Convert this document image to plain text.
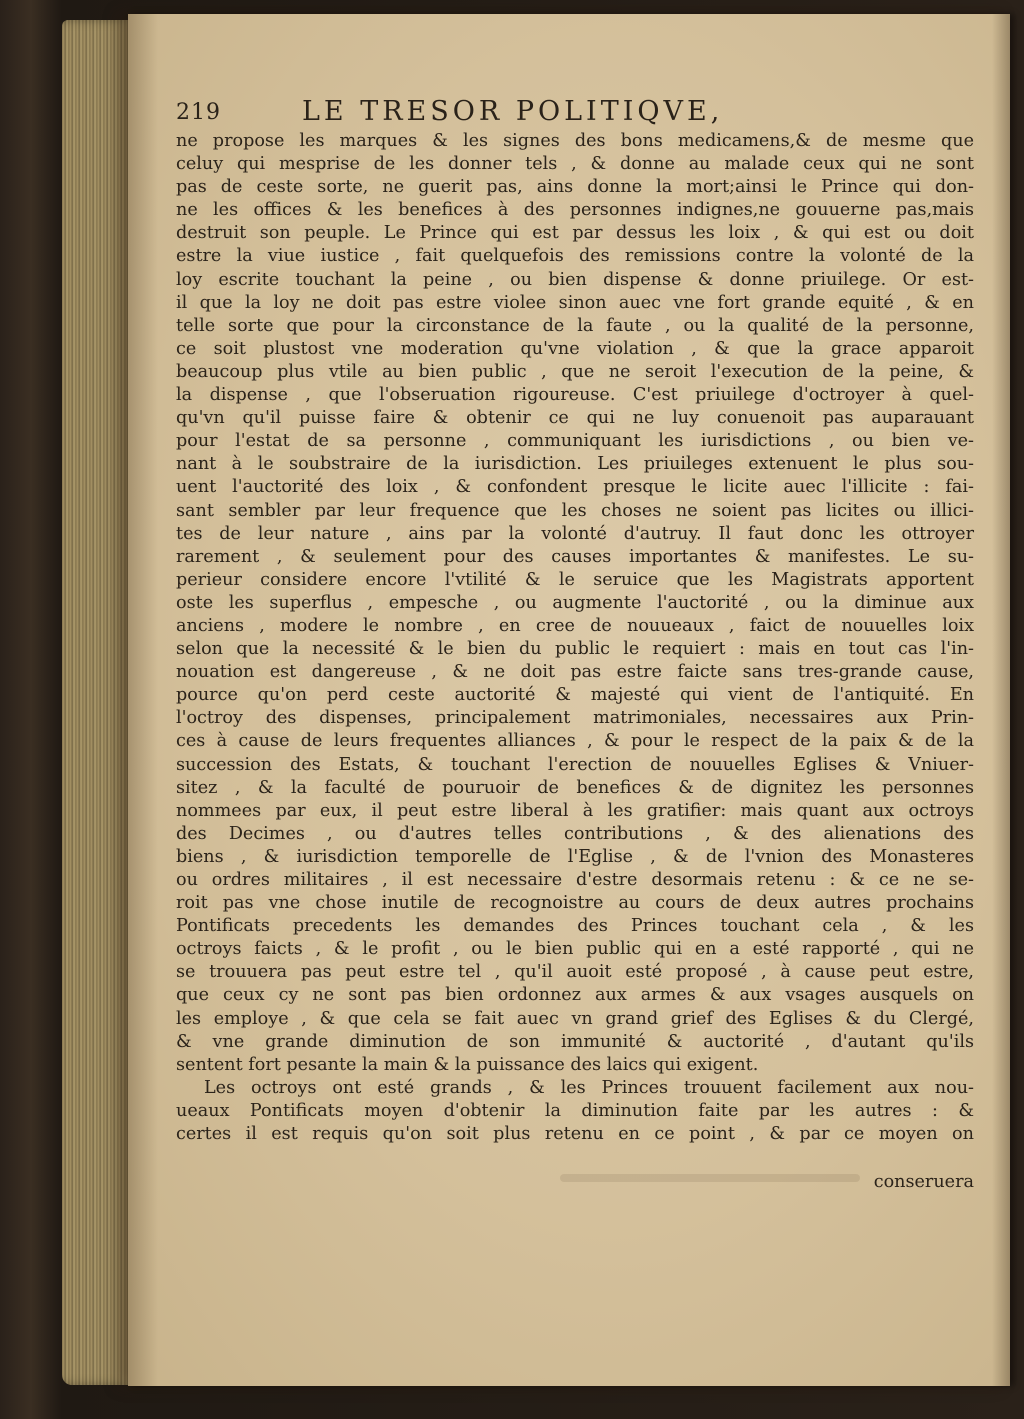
219	LE TRESOR POLITIQVE,
ne propose les marques & les signes des bons medicamens,& de mesme que
celuy qui mesprise de les donner tels , & donne au malade ceux qui ne sont
pas de ceste sorte, ne guerit pas, ains donne la mort;ainsi le Prince qui don-
ne les offices & les benefices à des personnes indignes,ne gouuerne pas,mais
destruit son peuple. Le Prince qui est par dessus les loix , & qui est ou doit
estre la viue iustice , fait quelquefois des remissions contre la volonté de la
loy escrite touchant la peine , ou bien dispense & donne priuilege. Or est-
il que la loy ne doit pas estre violee sinon auec vne fort grande equité , & en
telle sorte que pour la circonstance de la faute , ou la qualité de la personne,
ce soit plustost vne moderation qu'vne violation , & que la grace apparoit
beaucoup plus vtile au bien public , que ne seroit l'execution de la peine, &
la dispense , que l'obseruation rigoureuse. C'est priuilege d'octroyer à quel-
qu'vn qu'il puisse faire & obtenir ce qui ne luy conuenoit pas auparauant
pour l'estat de sa personne , communiquant les iurisdictions , ou bien ve-
nant à le soubstraire de la iurisdiction. Les priuileges extenuent le plus sou-
uent l'auctorité des loix , & confondent presque le licite auec l'illicite : fai-
sant sembler par leur frequence que les choses ne soient pas licites ou illici-
tes de leur nature , ains par la volonté d'autruy. Il faut donc les ottroyer
rarement , & seulement pour des causes importantes & manifestes. Le su-
perieur considere encore l'vtilité & le seruice que les Magistrats apportent
oste les superflus , empesche , ou augmente l'auctorité , ou la diminue aux
anciens , modere le nombre , en cree de nouueaux , faict de nouuelles loix
selon que la necessité & le bien du public le requiert : mais en tout cas l'in-
nouation est dangereuse , & ne doit pas estre faicte sans tres-grande cause,
pource qu'on perd ceste auctorité & majesté qui vient de l'antiquité. En
l'octroy des dispenses, principalement matrimoniales, necessaires aux Prin-
ces à cause de leurs frequentes alliances , & pour le respect de la paix & de la
succession des Estats, & touchant l'erection de nouuelles Eglises & Vniuer-
sitez , & la faculté de pouruoir de benefices & de dignitez les personnes
nommees par eux, il peut estre liberal à les gratifier: mais quant aux octroys
des Decimes , ou d'autres telles contributions , & des alienations des
biens , & iurisdiction temporelle de l'Eglise , & de l'vnion des Monasteres
ou ordres militaires , il est necessaire d'estre desormais retenu : & ce ne se-
roit pas vne chose inutile de recognoistre au cours de deux autres prochains
Pontificats precedents les demandes des Princes touchant cela , & les
octroys faicts , & le profit , ou le bien public qui en a esté rapporté , qui ne
se trouuera pas peut estre tel , qu'il auoit esté proposé , à cause peut estre,
que ceux cy ne sont pas bien ordonnez aux armes & aux vsages ausquels on
les employe , & que cela se fait auec vn grand grief des Eglises & du Clergé,
& vne grande diminution de son immunité & auctorité , d'autant qu'ils
sentent fort pesante la main & la puissance des laics qui exigent.
Les octroys ont esté grands , & les Princes trouuent facilement aux nou-
ueaux Pontificats moyen d'obtenir la diminution faite par les autres : &
certes il est requis qu'on soit plus retenu en ce point , & par ce moyen on
conseruera
